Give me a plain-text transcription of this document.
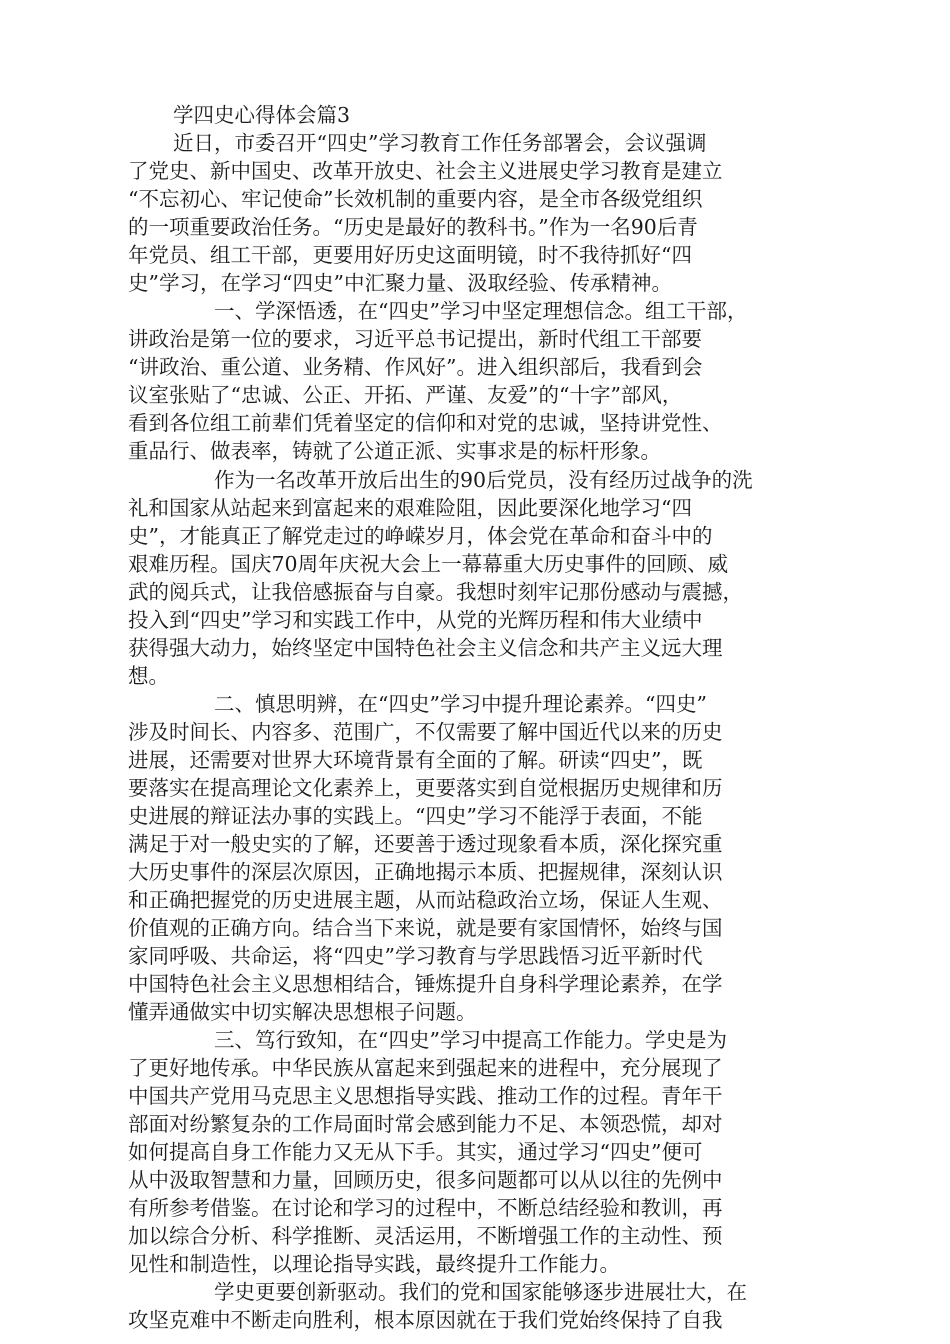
学四史心得体会篇3

近日，市委召开“四史”学习教育工作任务部署会，会议强调

了党史、新中国史、改革开放史、社会主义进展史学习教育是建立

“不忘初心、牢记使命”长效机制的重要内容，是全市各级党组织

的一项重要政治任务。“历史是最好的教科书。”作为一名90后青

年党员、组工干部，更要用好历史这面明镜，时不我待抓好“四

史”学习，在学习“四史”中汇聚力量、汲取经验、传承精神。

一、学深悟透，在“四史”学习中坚定理想信念。组工干部，

讲政治是第一位的要求，习近平总书记提出，新时代组工干部要

“讲政治、重公道、业务精、作风好”。进入组织部后，我看到会

议室张贴了“忠诚、公正、开拓、严谨、友爱”的“十字”部风，

看到各位组工前辈们凭着坚定的信仰和对党的忠诚，坚持讲党性、

重品行、做表率，铸就了公道正派、实事求是的标杆形象。

作为一名改革开放后出生的90后党员，没有经历过战争的洗

礼和国家从站起来到富起来的艰难险阻，因此要深化地学习“四

史”，才能真正了解党走过的峥嵘岁月，体会党在革命和奋斗中的

艰难历程。国庆70周年庆祝大会上一幕幕重大历史事件的回顾、威

武的阅兵式，让我倍感振奋与自豪。我想时刻牢记那份感动与震撼，

投入到“四史”学习和实践工作中，从党的光辉历程和伟大业绩中

获得强大动力，始终坚定中国特色社会主义信念和共产主义远大理

想。

二、慎思明辨，在“四史”学习中提升理论素养。“四史”

涉及时间长、内容多、范围广，不仅需要了解中国近代以来的历史

进展，还需要对世界大环境背景有全面的了解。研读“四史”，既

要落实在提高理论文化素养上，更要落实到自觉根据历史规律和历

史进展的辩证法办事的实践上。“四史”学习不能浮于表面，不能

满足于对一般史实的了解，还要善于透过现象看本质，深化探究重

大历史事件的深层次原因，正确地揭示本质、把握规律，深刻认识

和正确把握党的历史进展主题，从而站稳政治立场，保证人生观、

价值观的正确方向。结合当下来说，就是要有家国情怀，始终与国

家同呼吸、共命运，将“四史”学习教育与学思践悟习近平新时代

中国特色社会主义思想相结合，锤炼提升自身科学理论素养，在学

懂弄通做实中切实解决思想根子问题。

三、笃行致知，在“四史”学习中提高工作能力。学史是为

了更好地传承。中华民族从富起来到强起来的进程中，充分展现了

中国共产党用马克思主义思想指导实践、推动工作的过程。青年干

部面对纷繁复杂的工作局面时常会感到能力不足、本领恐慌，却对

如何提高自身工作能力又无从下手。其实，通过学习“四史”便可

从中汲取智慧和力量，回顾历史，很多问题都可以从以往的先例中

有所参考借鉴。在讨论和学习的过程中，不断总结经验和教训，再

加以综合分析、科学推断、灵活运用，不断增强工作的主动性、预

见性和制造性，以理论指导实践，最终提升工作能力。

学史更要创新驱动。我们的党和国家能够逐步进展壮大，在

攻坚克难中不断走向胜利，根本原因就在于我们党始终保持了自我
